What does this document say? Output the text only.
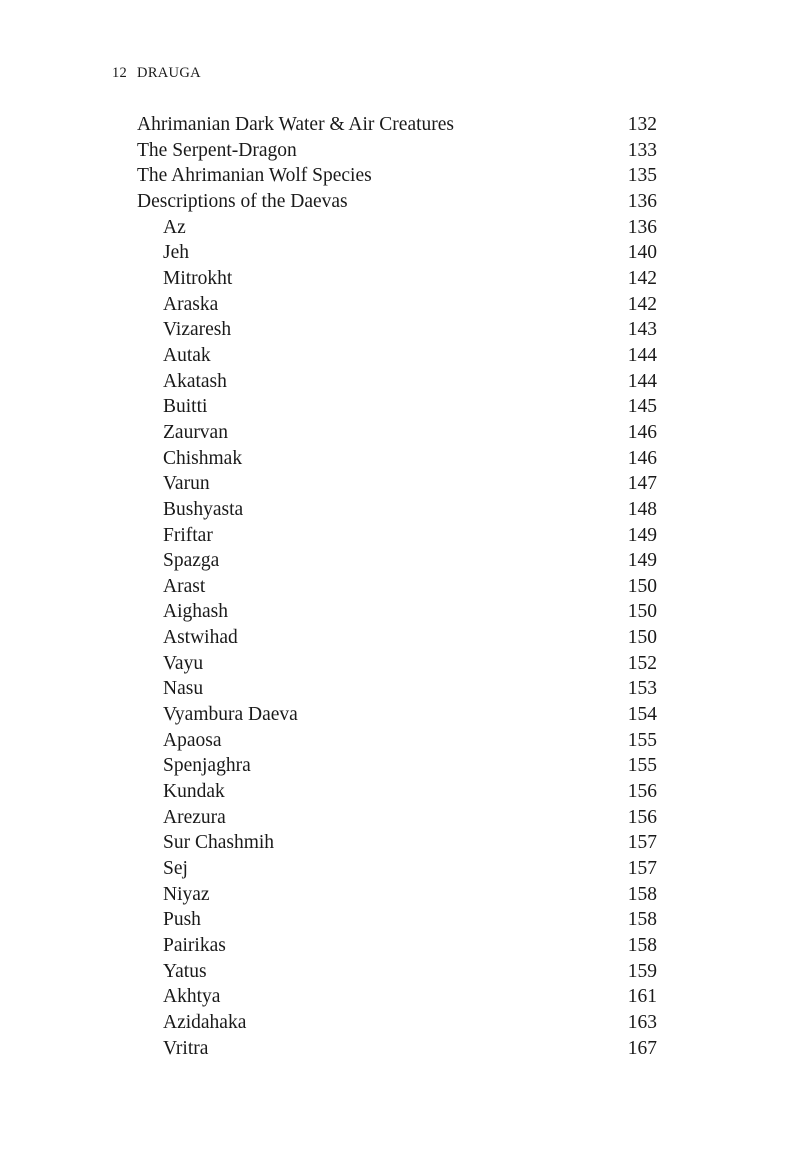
12 DRAUGA
Ahrimanian Dark Water & Air Creatures	132
The Serpent-Dragon	133
The Ahrimanian Wolf Species	135
Descriptions of the Daevas	136
Az	136
Jeh	140
Mitrokht	142
Araska	142
Vizaresh	143
Autak	144
Akatash	144
Buitti	145
Zaurvan	146
Chishmak	146
Varun	147
Bushyasta	148
Friftar	149
Spazga	149
Arast	150
Aighash	150
Astwihad	150
Vayu	152
Nasu	153
Vyambura Daeva	154
Apaosa	155
Spenjaghra	155
Kundak	156
Arezura	156
Sur Chashmih	157
Sej	157
Niyaz	158
Push	158
Pairikas	158
Yatus	159
Akhtya	161
Azidahaka	163
Vritra	167
